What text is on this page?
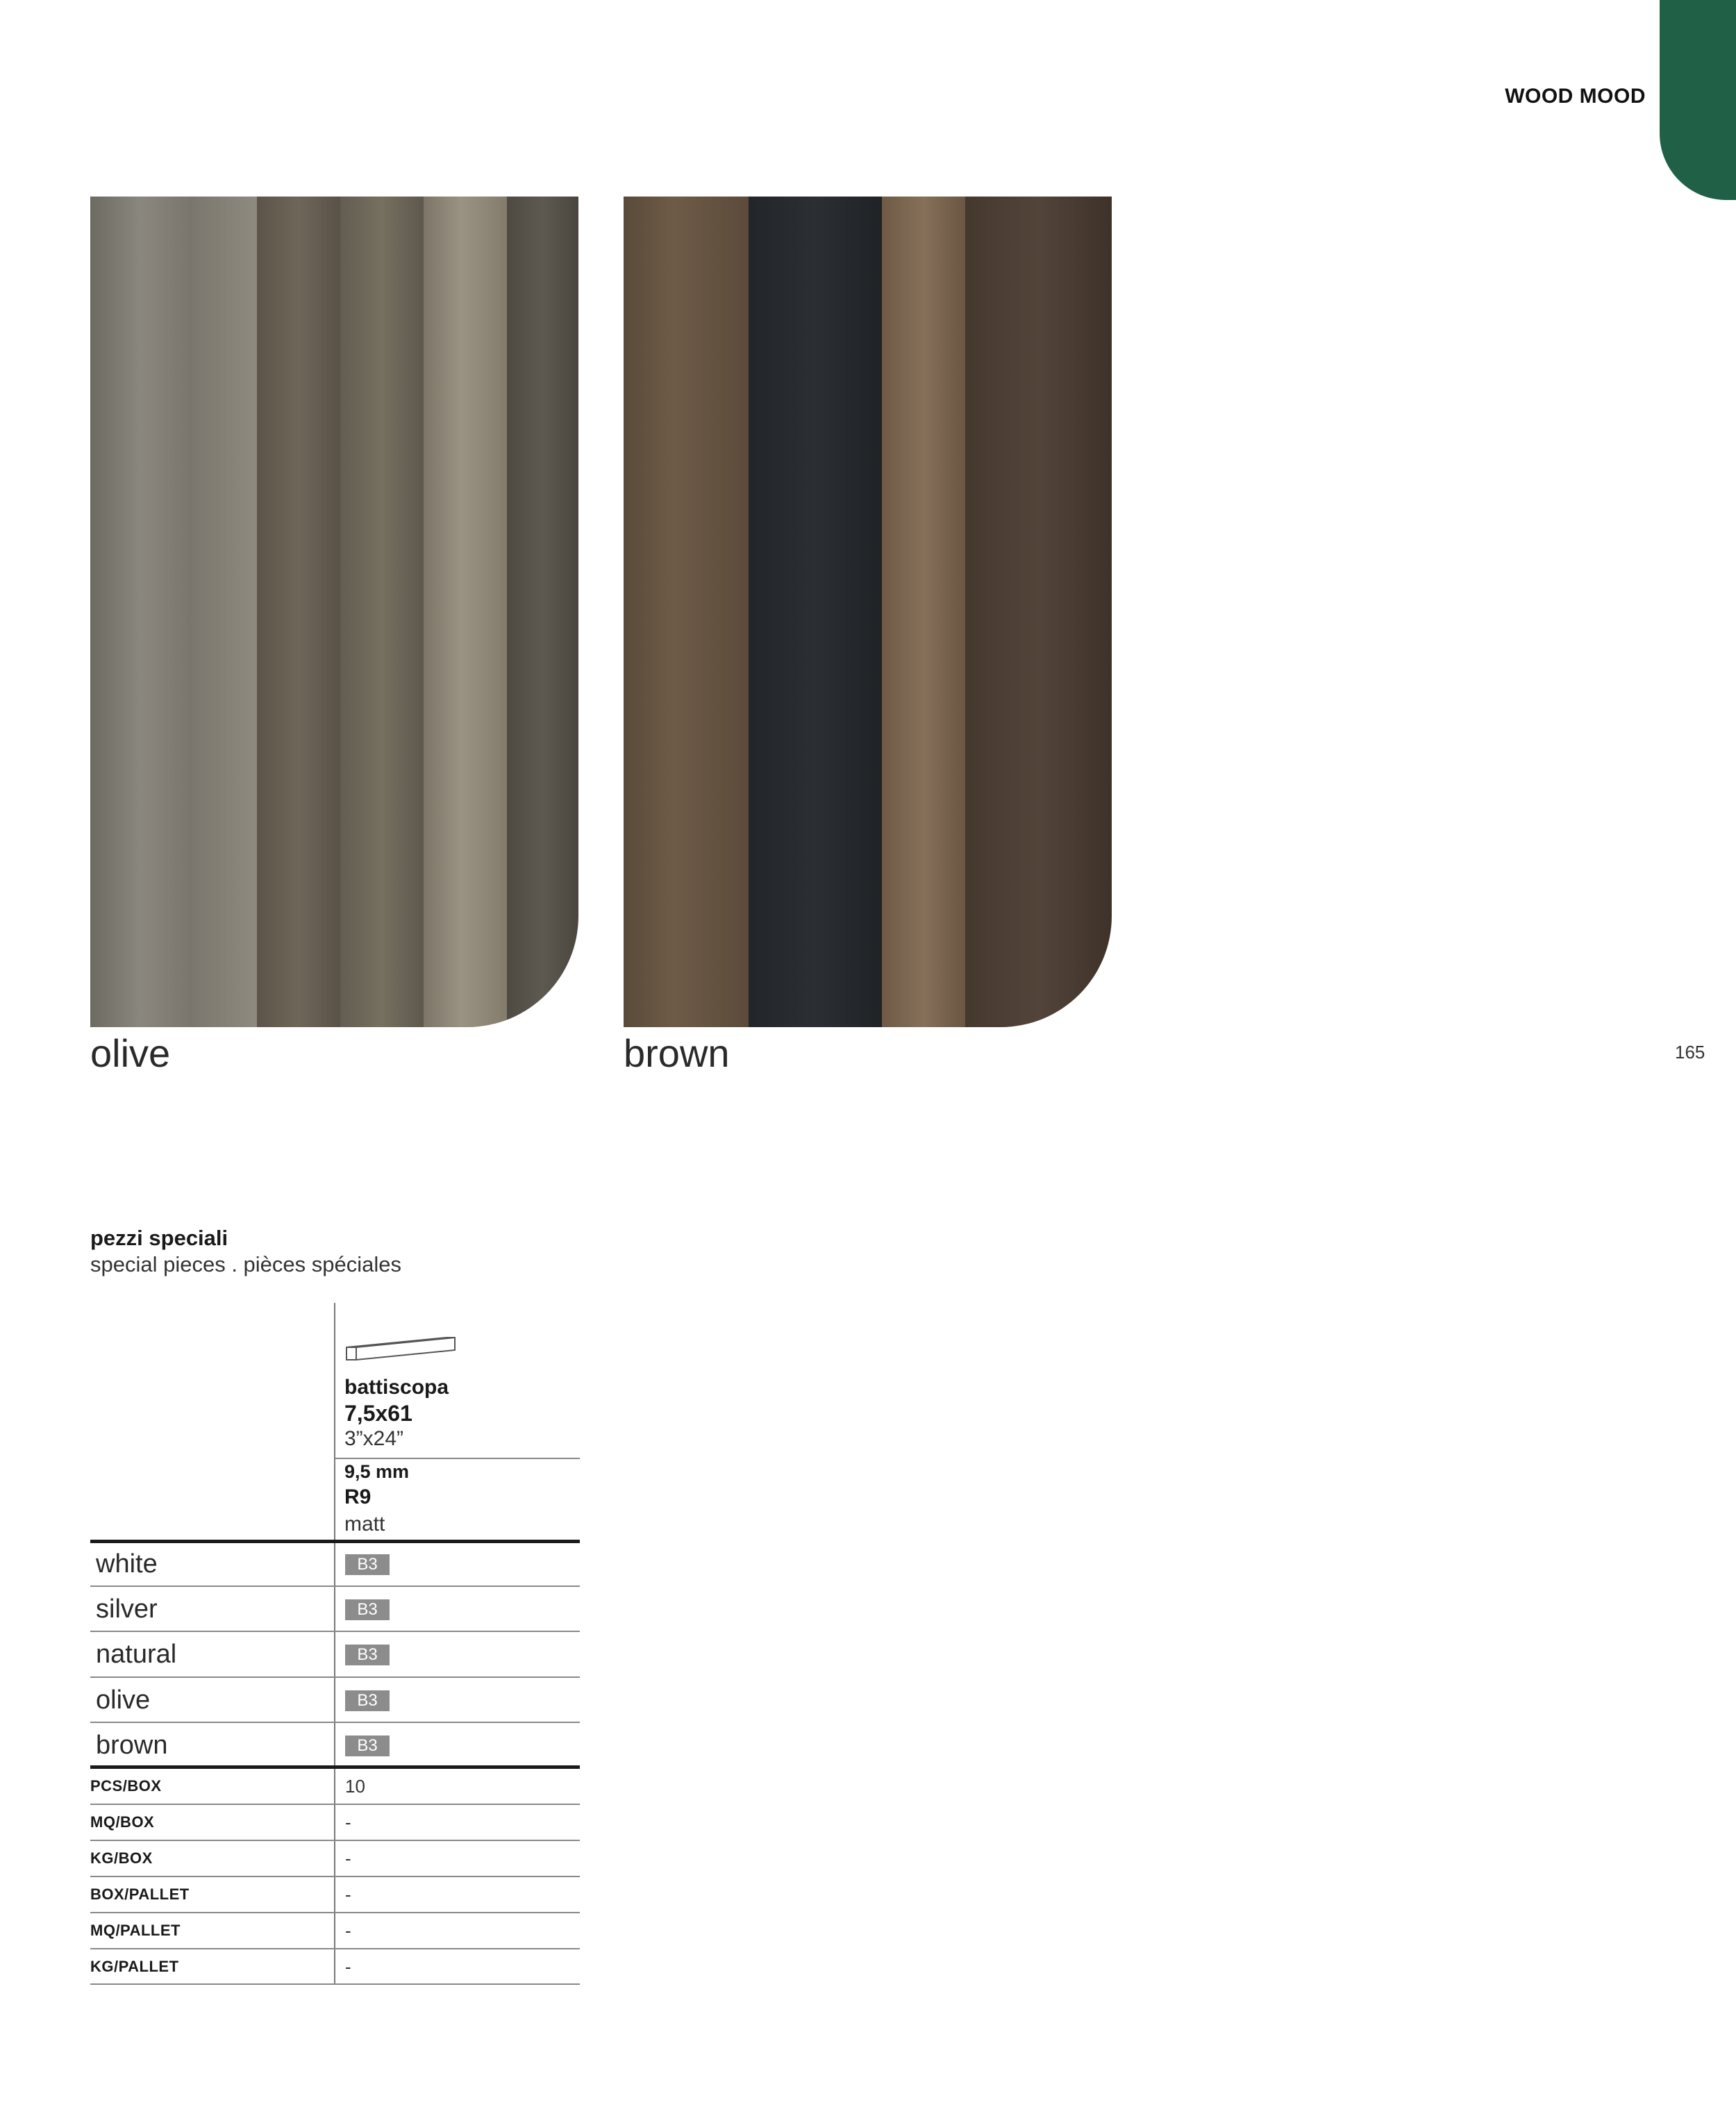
WOOD MOOD
165
olive	brown
pezzi speciali
special pieces . pièces spéciales
battiscopa
7,5x61
3”x24”
9,5 mm
R9
matt
white	B3
silver	B3
natural	B3
olive	B3
brown	B3
PCS/BOX	10
MQ/BOX	-
KG/BOX	-
BOX/PALLET	-
MQ/PALLET	-
KG/PALLET	-
